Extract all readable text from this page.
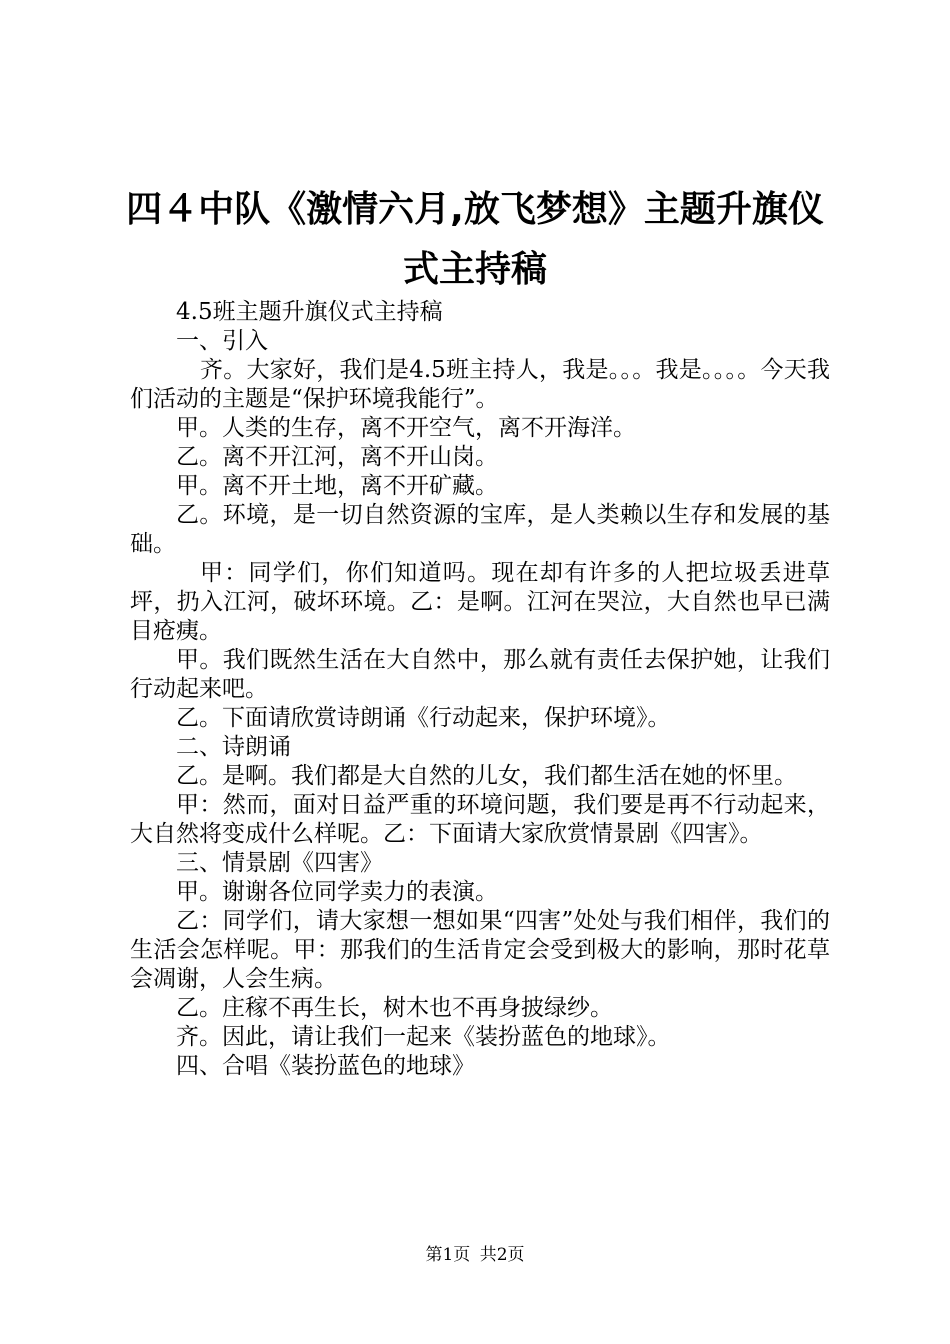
四４中队《激情六月,放飞梦想》主题升旗仪
式主持稿

4.5班主题升旗仪式主持稿

一、引入

齐。大家好，我们是4.5班主持人，我是。。。我是。。。。今天我们活动的主题是“保护环境我能行”。

甲。人类的生存，离不开空气，离不开海洋。

乙。离不开江河，离不开山岗。

甲。离不开土地，离不开矿藏。

乙。环境，是一切自然资源的宝库，是人类赖以生存和发展的基础。

甲：同学们，你们知道吗。现在却有许多的人把垃圾丢进草坪，扔入江河，破坏环境。乙：是啊。江河在哭泣，大自然也早已满目疮痍。

甲。我们既然生活在大自然中，那么就有责任去保护她，让我们行动起来吧。

乙。下面请欣赏诗朗诵《行动起来，保护环境》。

二、诗朗诵

乙。是啊。我们都是大自然的儿女，我们都生活在她的怀里。

甲：然而，面对日益严重的环境问题，我们要是再不行动起来，大自然将变成什么样呢。乙：下面请大家欣赏情景剧《四害》。

三、情景剧《四害》

甲。谢谢各位同学卖力的表演。

乙：同学们，请大家想一想如果“四害”处处与我们相伴，我们的生活会怎样呢。甲：那我们的生活肯定会受到极大的影响，那时花草会凋谢，人会生病。

乙。庄稼不再生长，树木也不再身披绿纱。

齐。因此，请让我们一起来《装扮蓝色的地球》。

四、合唱《装扮蓝色的地球》

第1页 共2页
